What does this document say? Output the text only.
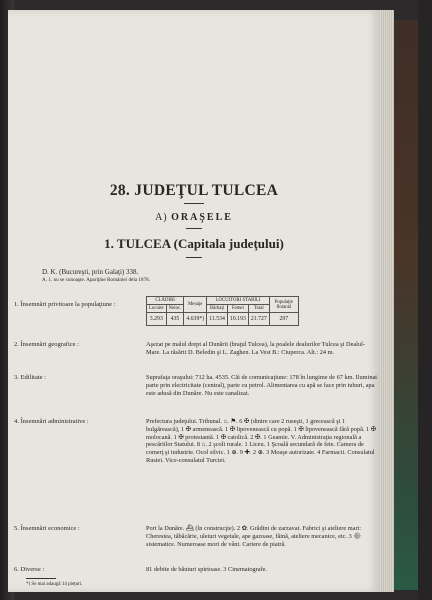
28. JUDEŢUL TULCEA
A) ORAŞELE
1. TULCEA (Capitala judeţului)
D. K. (Bucureşti, prin Galaţi) 338.
A. 1. nu se cunoaşte. Apariţine României dela 1878.
1. Însemnări privitoare la populaţiune :
CLĂDIRI		Menaje	LOCUITORI STABILI			Populaţie flotantă
Locuite	Neloc.		Bărbaţi	Femei	Total	
3.293	435	4.639*)	11.534	10.193	21.727	297
2. Însemnări geografice :	Aşezat pe malul drept al Dunării (braţul Tulcea), la poalele dealurilor Tulcea şi Dealul-Mare. La răsărit D. Beledin şi L. Zaghen. La Vest B.: Ciuperca. Alt.: 24 m.
3. Edilitate :	Suprafaţa oraşului: 712 ha. 4535. Căi de comunicaţiune: 178 în lungime de 67 km. Iluminat parte prin electricitate (central), parte cu petrol. Alimentarea cu apă se face prin tuburi, apa este adusă din Dunăre. Nu este canalizat.
4. Însemnări administrative :	Prefectura judeţului. Tribunal. ⌂. ⚑. 6 ✠ (dintre care 2 ruseşti, 1 grecească şi 1 bulgărească), 1 ✠ armenească. 1 ✠ lipovenească cu popă. 1 ✠ lipovenească fără popă. 1 ✠ molocană. 1 ✠ protestantă. 1 ✠ catolică. 2 ✠. 1 Geamie. V. Administraţia regională a pescăriilor Statului. 8 ⌂. 2 şcoli rurale. 1 Liceu. 1 Şcoală secundară de fete. Camera de comerţ şi industrie. Ocol silvic. 1 ⊕. 9 ✚. 2 ⊕. 3 Moaşe autorizate. 4 Farmacii. Consulatul Rusiei. Vice-consulatul Turciei.
5. Însemnări economice :	Port la Dunăre. ⛴ (în construcţie). 2 ✿. Grădini de zarzavat. Fabrici şi ateliere mari: Cherestea, tăbăcărie, uleiuri vegetale, ape gazoase, făină, ateliere mecanice, etc. 3 ⚙ sistematice. Numeroase mori de vânt. Cariere de piatră.
6. Diverse :	81 debite de băuturi spirtoase. 3 Cinematografe.
*) Se mai adaugă 14 pieţuri.
